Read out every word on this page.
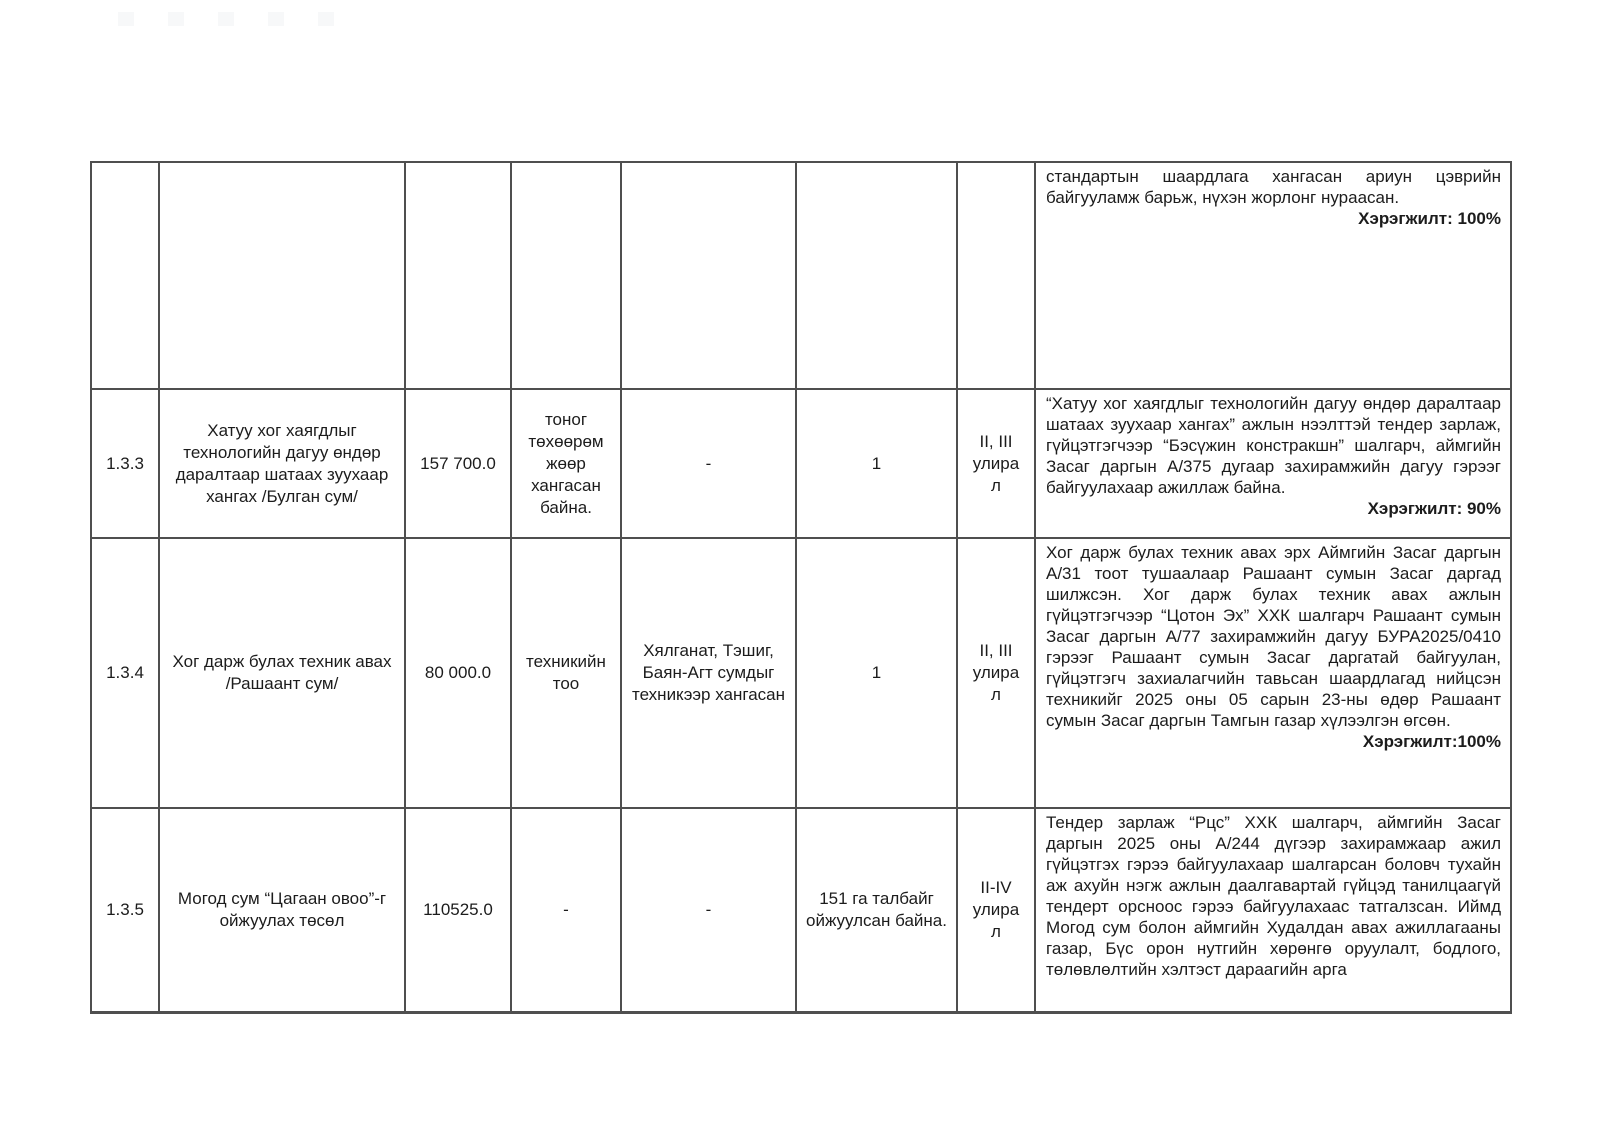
							стандартын шаардлага хангасан ариун цэврийн байгууламж барьж, нүхэн жорлонг нураасан.
Хэрэгжилт: 100%

1.3.3	Хатуу хог хаягдлыг технологийн дагуу өндөр даралтаар шатаах зуухаар хангах /Булган сум/	157 700.0	тоног төхөөрөмжөөр хангасан байна.	-	1	II, III улирал	“Хатуу хог хаягдлыг технологийн дагуу өндөр даралтаар шатаах зуухаар хангах” ажлын нээлттэй тендер зарлаж, гүйцэтгэгчээр “Бэсүжин констракшн” шалгарч, аймгийн Засаг даргын А/375 дугаар захирамжийн дагуу гэрээг байгуулахаар ажиллаж байна.
Хэрэгжилт: 90%

1.3.4	Хог дарж булах техник авах /Рашаант сум/	80 000.0	техникийн тоо	Хялганат, Тэшиг, Баян-Агт сумдыг техникээр хангасан	1	II, III улирал	Хог дарж булах техник авах эрх Аймгийн Засаг даргын А/31 тоот тушаалаар Рашаант сумын Засаг даргад шилжсэн. Хог дарж булах техник авах ажлын гүйцэтгэгчээр “Цотон Эх” ХХК шалгарч Рашаант сумын Засаг даргын А/77 захирамжийн дагуу БУРА2025/0410 гэрээг Рашаант сумын Засаг даргатай байгуулан, гүйцэтгэгч захиалагчийн тавьсан шаардлагад нийцсэн техникийг 2025 оны 05 сарын 23-ны өдөр Рашаант сумын Засаг даргын Тамгын газар хүлээлгэн өгсөн.
Хэрэгжилт:100%

1.3.5	Могод сум “Цагаан овоо”-г ойжуулах төсөл	110525.0	-	-	151 га талбайг ойжуулсан байна.	II-IV улирал	Тендер зарлаж “Рцс” ХХК шалгарч, аймгийн Засаг даргын 2025 оны А/244 дүгээр захирамжаар ажил гүйцэтгэх гэрээ байгуулахаар шалгарсан боловч тухайн аж ахуйн нэгж ажлын даалгавартай гүйцэд танилцаагүй тендерт орсноос гэрээ байгуулахаас татгалзсан. Иймд Могод сум болон аймгийн Худалдан авах ажиллагааны газар, Бүс орон нутгийн хөрөнгө оруулалт, бодлого, төлөвлөлтийн хэлтэст дараагийн арга
